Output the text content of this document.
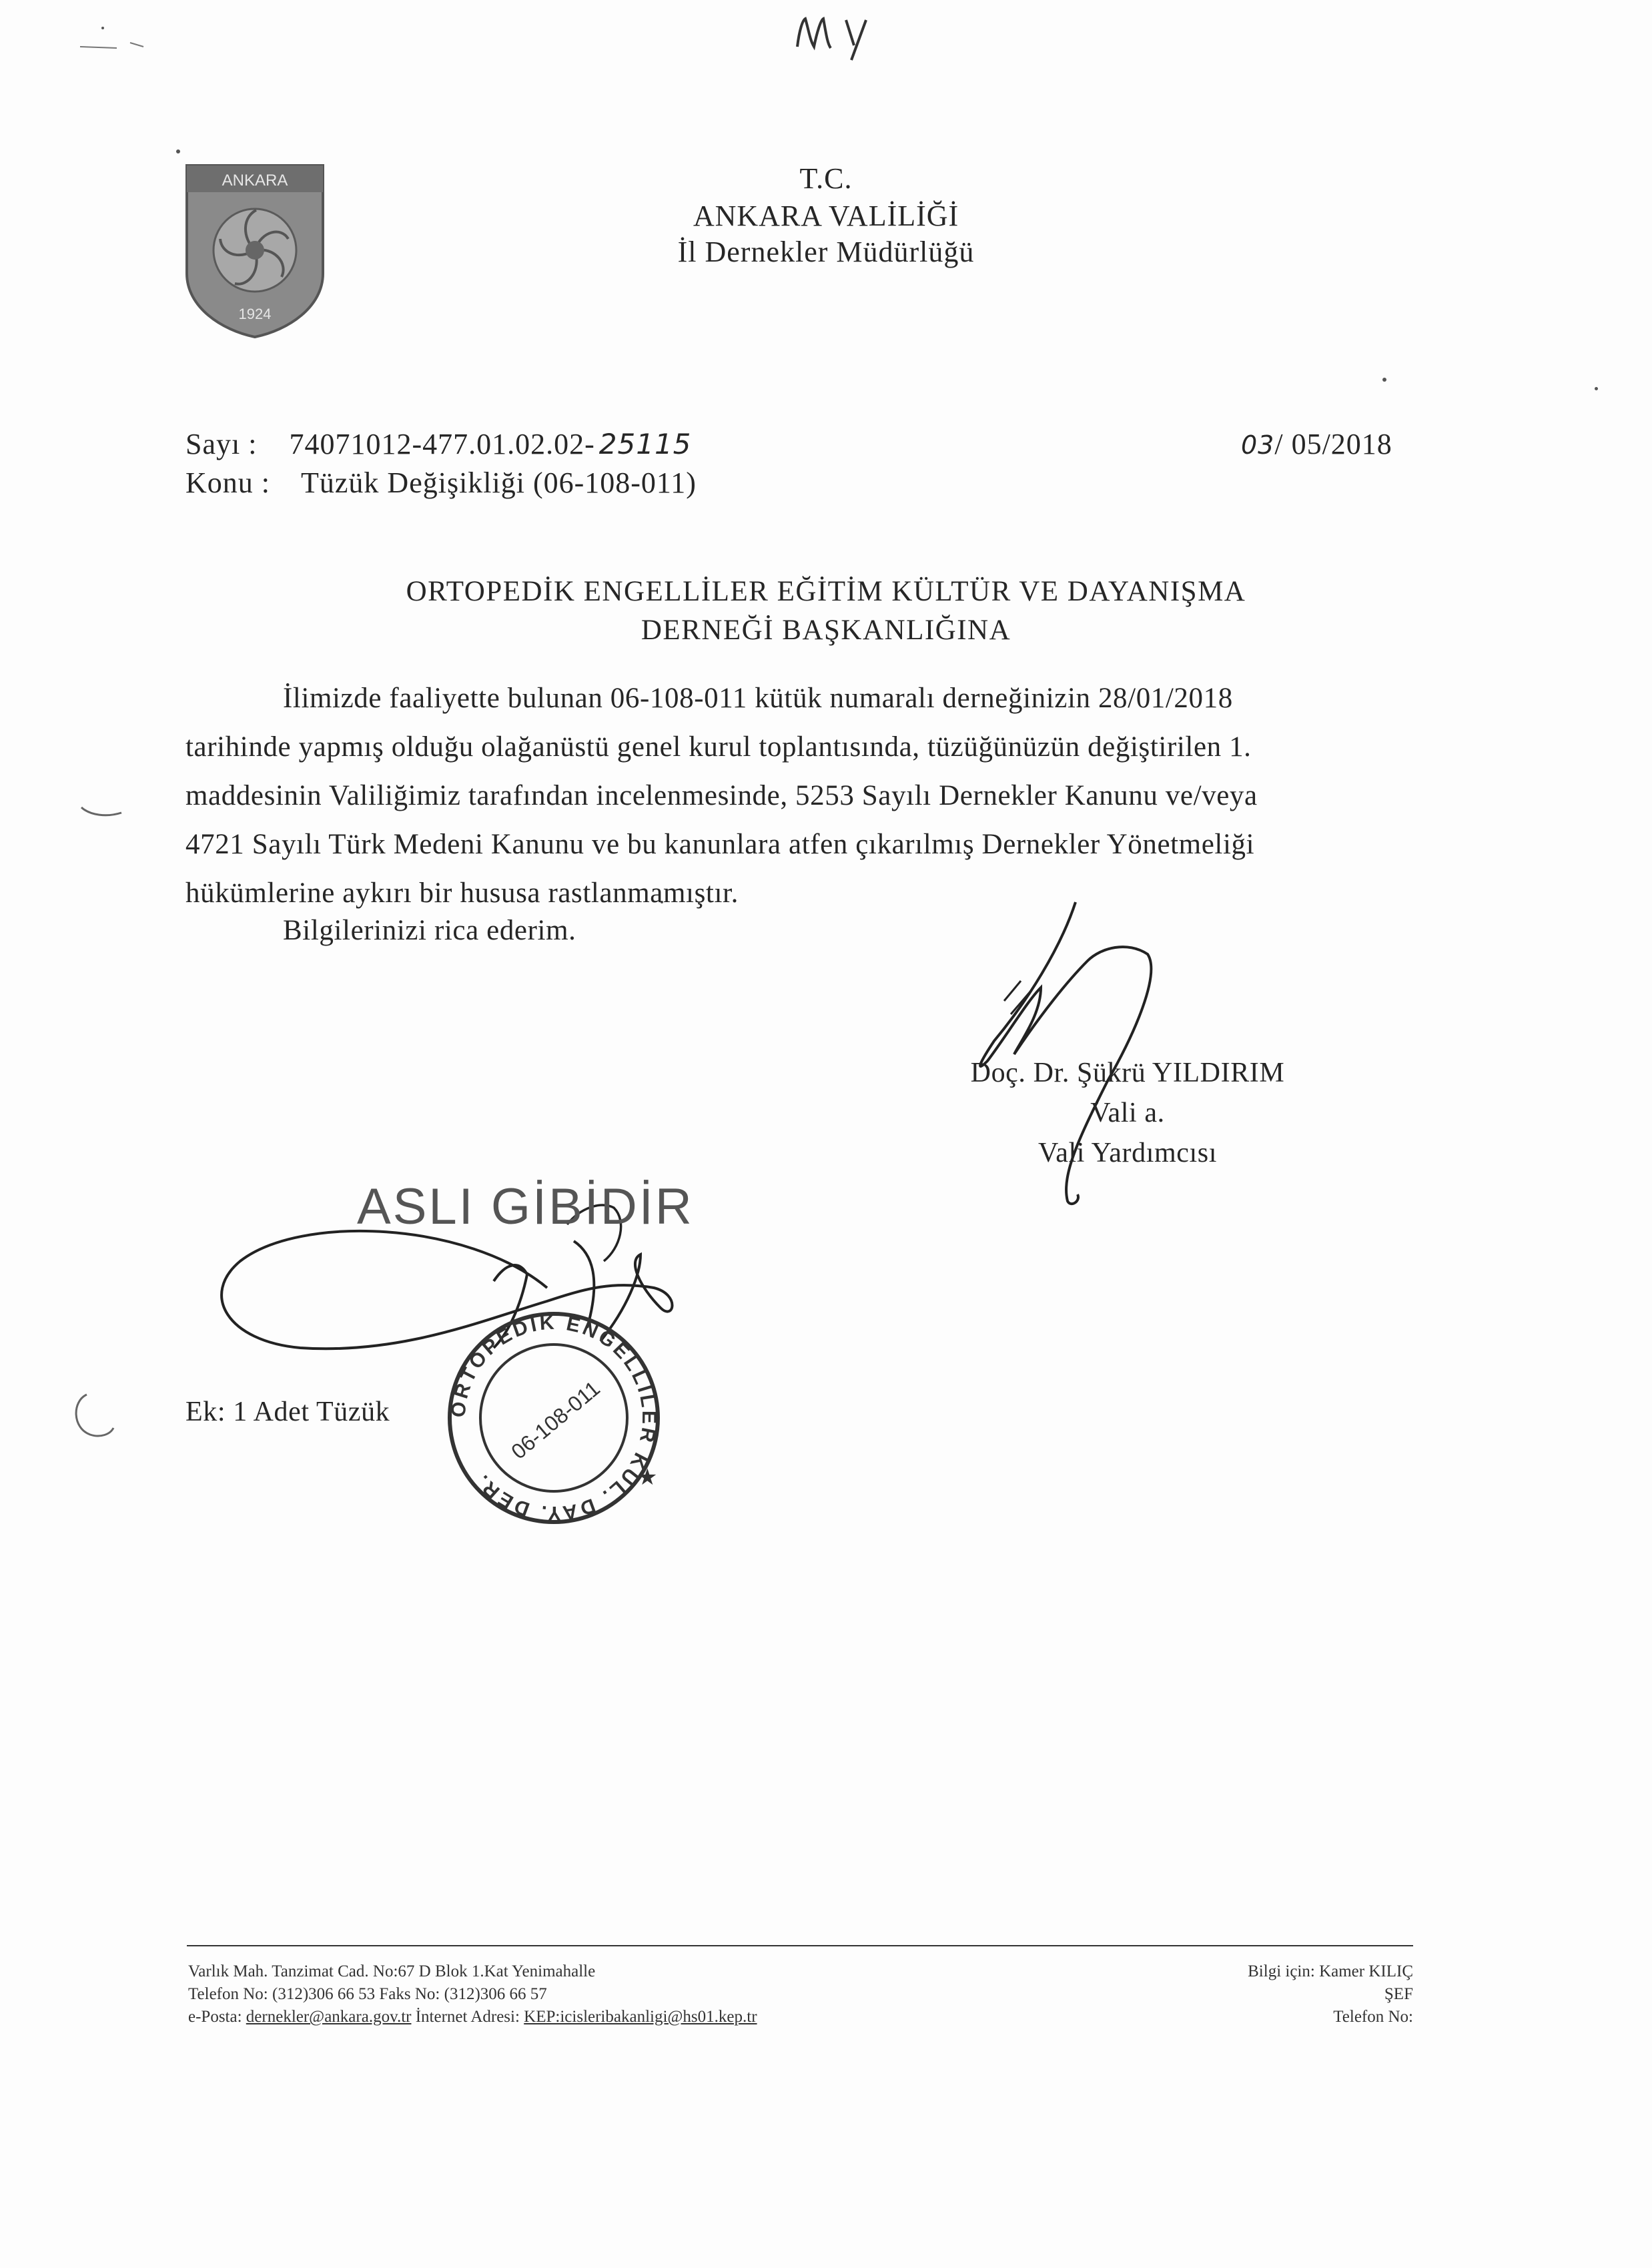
ORTOPEDİK ENGELLİLER KÜL. DAY. DER.
06-108-011
★
ANKARA
1924
T.C.
ANKARA VALİLİĞİ
İl Dernekler Müdürlüğü
Sayı :   74071012-477.01.02.02- 25115
Konu :   Tüzük Değişikliği (06-108-011)
03/ 05/2018
ORTOPEDİK ENGELLİLER EĞİTİM KÜLTÜR VE DAYANIŞMA
DERNEĞİ BAŞKANLIĞINA
İlimizde faaliyette bulunan 06-108-011 kütük numaralı derneğinizin 28/01/2018
tarihinde yapmış olduğu olağanüstü genel kurul toplantısında, tüzüğünüzün değiştirilen 1.
maddesinin Valiliğimiz tarafından incelenmesinde, 5253 Sayılı Dernekler Kanunu ve/veya
4721 Sayılı Türk Medeni Kanunu ve bu kanunlara atfen çıkarılmış Dernekler Yönetmeliği
hükümlerine aykırı bir hususa rastlanmamıştır.
Bilgilerinizi rica ederim.
Doç. Dr. Şükrü YILDIRIM
Vali a.
Vali Yardımcısı
ASLI GİBİDİR
Ek: 1 Adet Tüzük
Varlık Mah. Tanzimat Cad. No:67 D Blok 1.Kat Yenimahalle
Telefon No: (312)306 66 53 Faks No: (312)306 66 57
e-Posta: dernekler@ankara.gov.tr İnternet Adresi: KEP:icisleribakanligi@hs01.kep.tr
Bilgi için: Kamer KILIÇ
ŞEF
Telefon No:
